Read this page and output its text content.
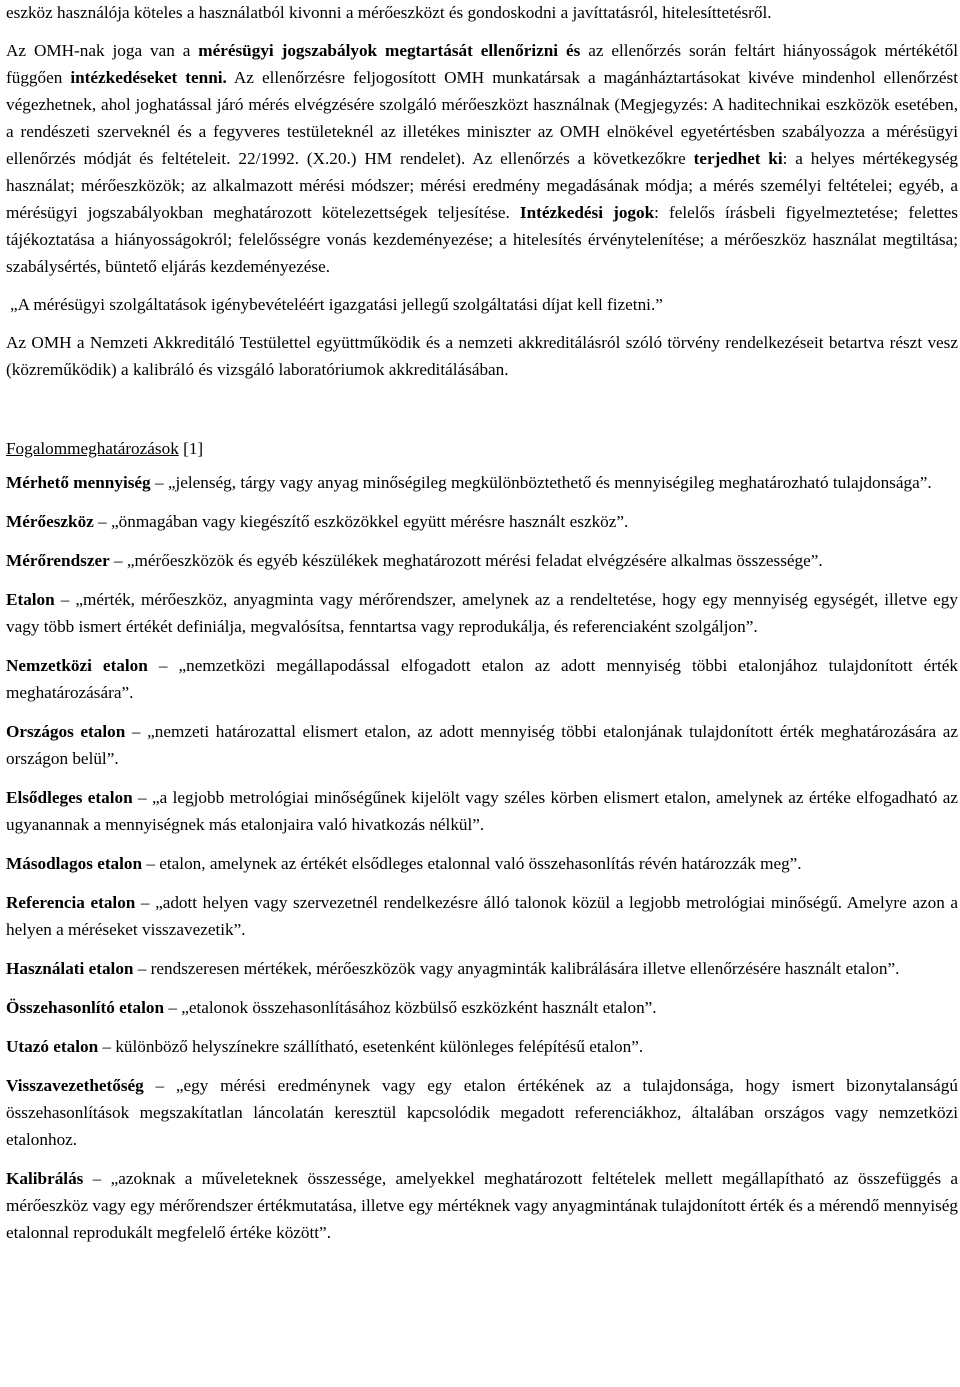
eszköz használója köteles a használatból kivonni a mérőeszközt és gondoskodni a javíttatásról, hitelesíttetésről.

Az OMH-nak joga van a mérésügyi jogszabályok megtartását ellenőrizni és az ellenőrzés során feltárt hiányosságok mértékétől függően intézkedéseket tenni. Az ellenőrzésre feljogosított OMH munkatársak a magánháztartásokat kivéve mindenhol ellenőrzést végezhetnek, ahol joghatással járó mérés elvégzésére szolgáló mérőeszközt használnak (Megjegyzés: A haditechnikai eszközök esetében, a rendészeti szerveknél és a fegyveres testületeknél az illetékes miniszter az OMH elnökével egyetértésben szabályozza a mérésügyi ellenőrzés módját és feltételeit. 22/1992. (X.20.) HM rendelet). Az ellenőrzés a következőkre terjedhet ki: a helyes mértékegység használat; mérőeszközök; az alkalmazott mérési módszer; mérési eredmény megadásának módja; a mérés személyi feltételei; egyéb, a mérésügyi jogszabályokban meghatározott kötelezettségek teljesítése. Intézkedési jogok: felelős írásbeli figyelmeztetése; felettes tájékoztatása a hiányosságokról; felelősségre vonás kezdeményezése; a hitelesítés érvénytelenítése; a mérőeszköz használat megtiltása; szabálysértés, büntető eljárás kezdeményezése.

„A mérésügyi szolgáltatások igénybevételéért igazgatási jellegű szolgáltatási díjat kell fizetni.”

Az OMH a Nemzeti Akkreditáló Testülettel együttműködik és a nemzeti akkreditálásról szóló törvény rendelkezéseit betartva részt vesz (közreműködik) a kalibráló és vizsgáló laboratóriumok akkreditálásában.

Fogalommeghatározások [1]

Mérhető mennyiség – „jelenség, tárgy vagy anyag minőségileg megkülönböztethető és mennyiségileg meghatározható tulajdonsága”.

Mérőeszköz – „önmagában vagy kiegészítő eszközökkel együtt mérésre használt eszköz”.

Mérőrendszer – „mérőeszközök és egyéb készülékek meghatározott mérési feladat elvégzésére alkalmas összessége”.

Etalon – „mérték, mérőeszköz, anyagminta vagy mérőrendszer, amelynek az a rendeltetése, hogy egy mennyiség egységét, illetve egy vagy több ismert értékét definiálja, megvalósítsa, fenntartsa vagy reprodukálja, és referenciaként szolgáljon”.

Nemzetközi etalon – „nemzetközi megállapodással elfogadott etalon az adott mennyiség többi etalonjához tulajdonított érték meghatározására”.

Országos etalon – „nemzeti határozattal elismert etalon, az adott mennyiség többi etalonjának tulajdonított érték meghatározására az országon belül”.

Elsődleges etalon – „a legjobb metrológiai minőségűnek kijelölt vagy széles körben elismert etalon, amelynek az értéke elfogadható az ugyanannak a mennyiségnek más etalonjaira való hivatkozás nélkül”.

Másodlagos etalon – etalon, amelynek az értékét elsődleges etalonnal való összehasonlítás révén határozzák meg”.

Referencia etalon – „adott helyen vagy szervezetnél rendelkezésre álló talonok közül a legjobb metrológiai minőségű. Amelyre azon a helyen a méréseket visszavezetik”.

Használati etalon – rendszeresen mértékek, mérőeszközök vagy anyagminták kalibrálására illetve ellenőrzésére használt etalon”.

Összehasonlító etalon – „etalonok összehasonlításához közbülső eszközként használt etalon”.

Utazó etalon – különböző helyszínekre szállítható, esetenként különleges felépítésű etalon”.

Visszavezethetőség – „egy mérési eredménynek vagy egy etalon értékének az a tulajdonsága, hogy ismert bizonytalanságú összehasonlítások megszakítatlan láncolatán keresztül kapcsolódik megadott referenciákhoz, általában országos vagy nemzetközi etalonhoz.

Kalibrálás – „azoknak a műveleteknek összessége, amelyekkel meghatározott feltételek mellett megállapítható az összefüggés a mérőeszköz vagy egy mérőrendszer értékmutatása, illetve egy mértéknek vagy anyagmintának tulajdonított érték és a mérendő mennyiség etalonnal reprodukált megfelelő értéke között”.
